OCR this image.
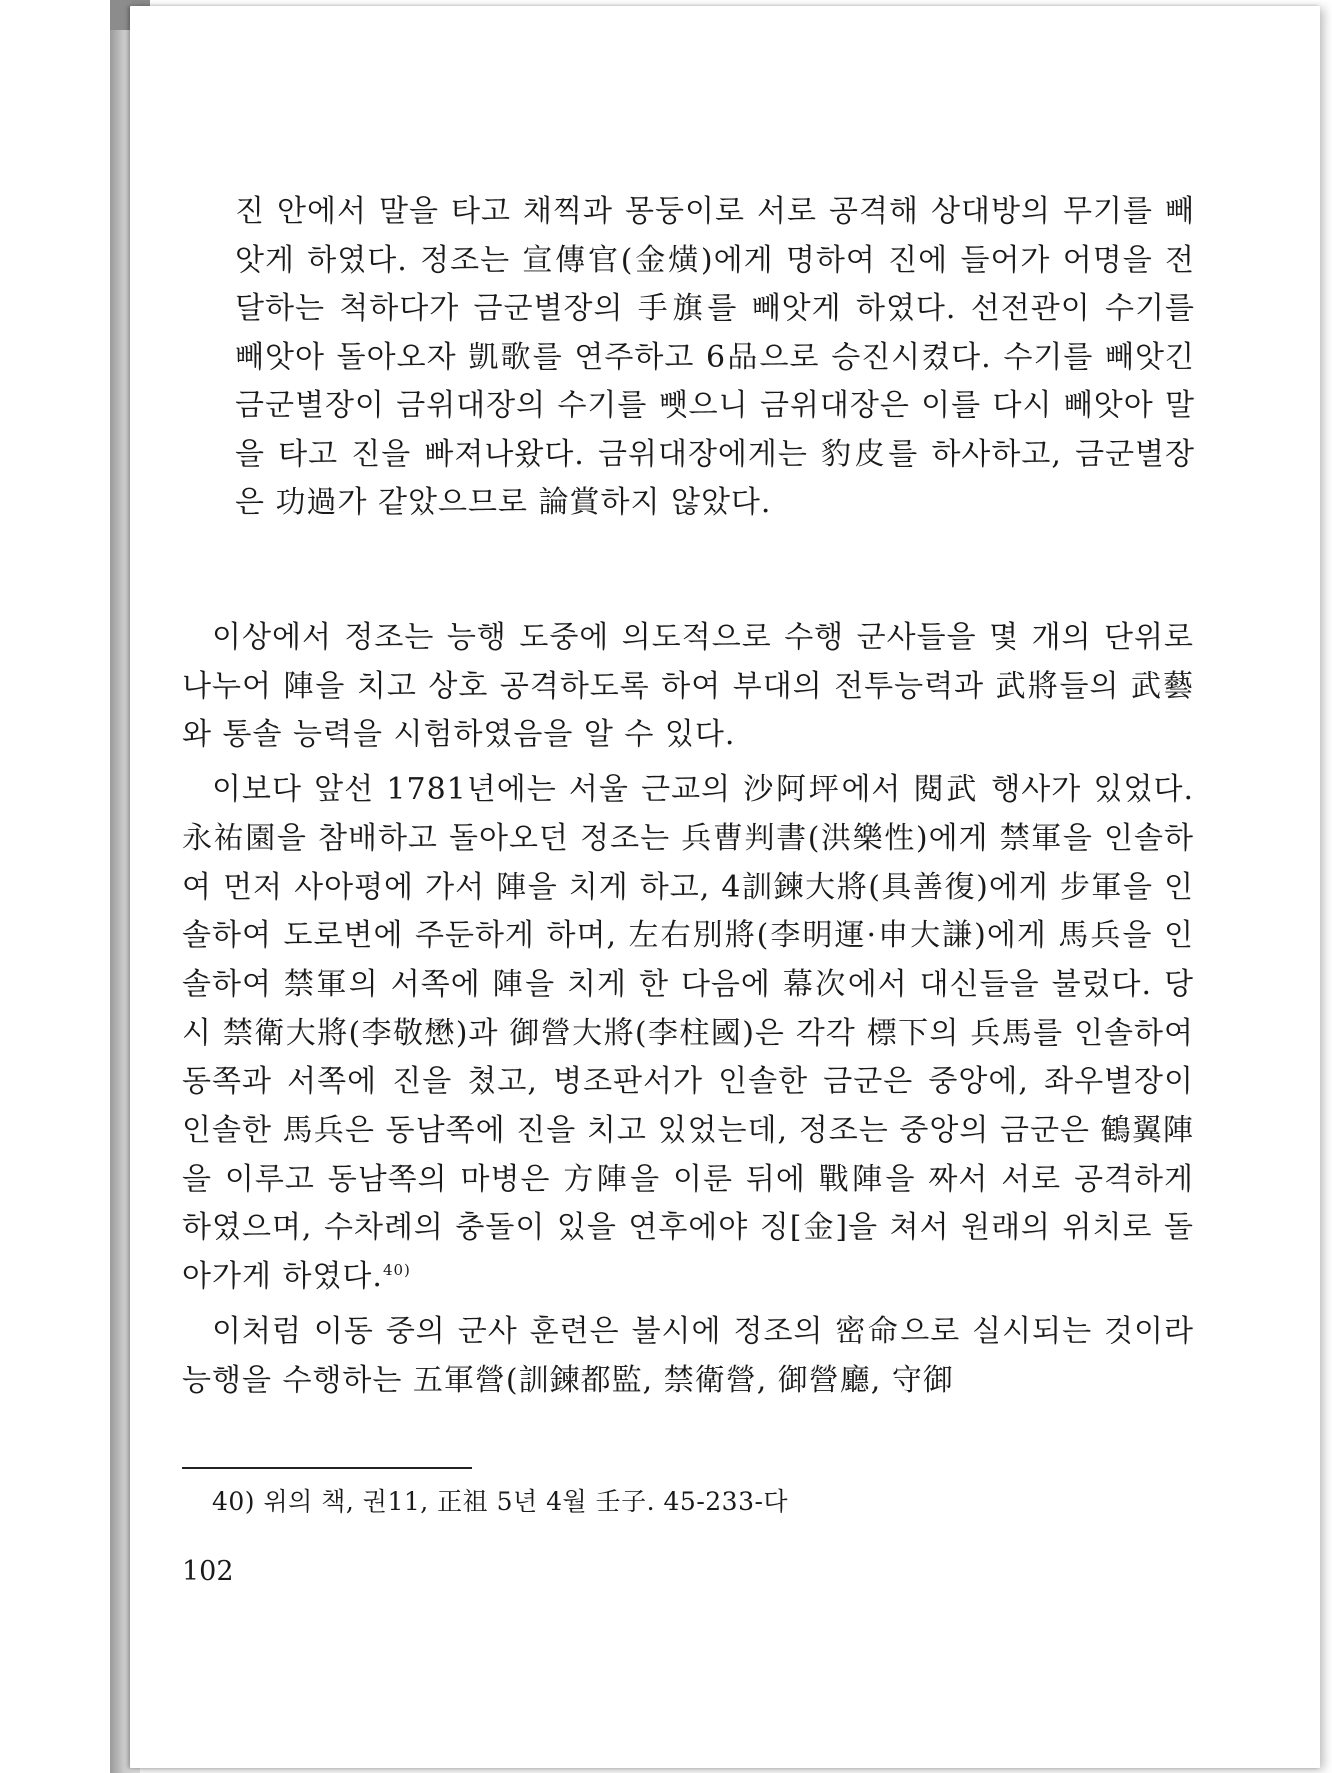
진 안에서 말을 타고 채찍과 몽둥이로 서로 공격해 상대방의 무기를 빼앗게 하였다. 정조는 宣傳官(金熿)에게 명하여 진에 들어가 어명을 전달하는 척하다가 금군별장의 手旗를 빼앗게 하였다. 선전관이 수기를 빼앗아 돌아오자 凱歌를 연주하고 6品으로 승진시켰다. 수기를 빼앗긴 금군별장이 금위대장의 수기를 뺏으니 금위대장은 이를 다시 빼앗아 말을 타고 진을 빠져나왔다. 금위대장에게는 豹皮를 하사하고, 금군별장은 功過가 같았으므로 論賞하지 않았다.

이상에서 정조는 능행 도중에 의도적으로 수행 군사들을 몇 개의 단위로 나누어 陣을 치고 상호 공격하도록 하여 부대의 전투능력과 武將들의 武藝와 통솔 능력을 시험하였음을 알 수 있다.

이보다 앞선 1781년에는 서울 근교의 沙阿坪에서 閱武 행사가 있었다. 永祐園을 참배하고 돌아오던 정조는 兵曹判書(洪樂性)에게 禁軍을 인솔하여 먼저 사아평에 가서 陣을 치게 하고, 4訓鍊大將(具善復)에게 步軍을 인솔하여 도로변에 주둔하게 하며, 左右別將(李明運·申大謙)에게 馬兵을 인솔하여 禁軍의 서쪽에 陣을 치게 한 다음에 幕次에서 대신들을 불렀다. 당시 禁衛大將(李敬懋)과 御營大將(李柱國)은 각각 標下의 兵馬를 인솔하여 동쪽과 서쪽에 진을 쳤고, 병조판서가 인솔한 금군은 중앙에, 좌우별장이 인솔한 馬兵은 동남쪽에 진을 치고 있었는데, 정조는 중앙의 금군은 鶴翼陣을 이루고 동남쪽의 마병은 方陣을 이룬 뒤에 戰陣을 짜서 서로 공격하게 하였으며, 수차례의 충돌이 있을 연후에야 징[金]을 쳐서 원래의 위치로 돌아가게 하였다.$^{40)}$

이처럼 이동 중의 군사 훈련은 불시에 정조의 密命으로 실시되는 것이라 능행을 수행하는 五軍營(訓鍊都監, 禁衛營, 御營廳, 守御

40) 위의 책, 권11, 正祖 5년 4월 壬子. 45-233-다
102
